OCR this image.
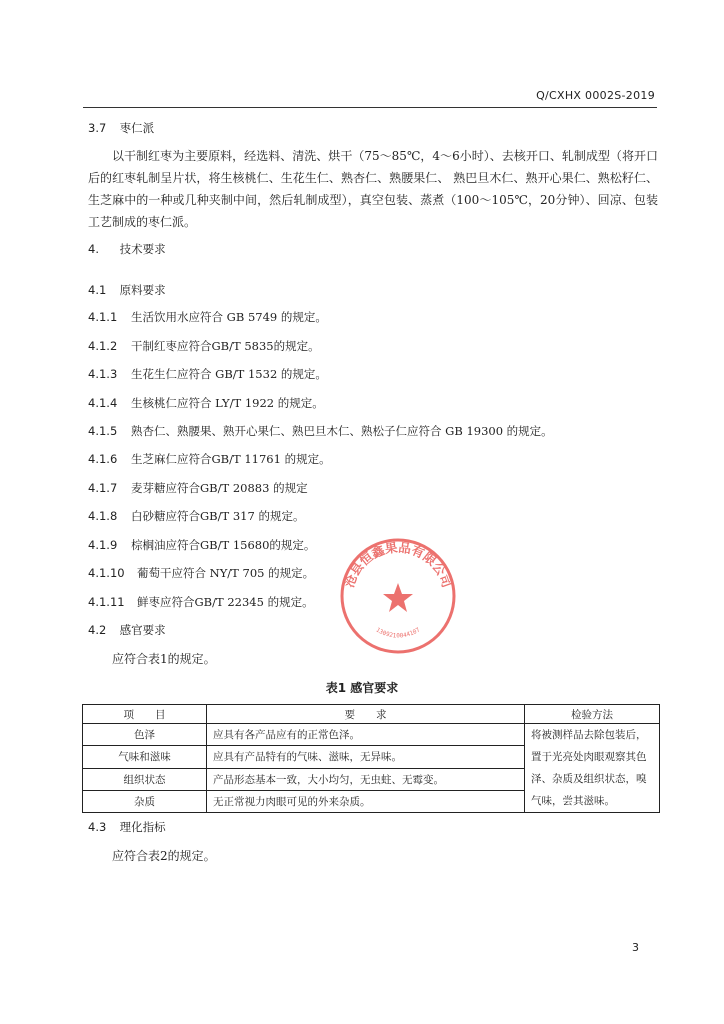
Q/CXHX 0002S-2019
3.7 枣仁派
以干制红枣为主要原料，经选料、清洗、烘干（75～85℃，4～6小时）、去核开口、轧制成型（将开口后的红枣轧制呈片状，将生核桃仁、生花生仁、熟杏仁、熟腰果仁、 熟巴旦木仁、熟开心果仁、熟松籽仁、生芝麻中的一种或几种夹制中间，然后轧制成型），真空包装、蒸煮（100～105℃，20分钟）、回凉、包装工艺制成的枣仁派。
4. 技术要求
4.1 原料要求
4.1.1 生活饮用水应符合 GB 5749 的规定。
4.1.2 干制红枣应符合GB/T 5835的规定。
4.1.3 生花生仁应符合 GB/T 1532 的规定。
4.1.4 生核桃仁应符合 LY/T 1922 的规定。
4.1.5 熟杏仁、熟腰果、熟开心果仁、熟巴旦木仁、熟松子仁应符合 GB 19300 的规定。
4.1.6 生芝麻仁应符合GB/T 11761 的规定。
4.1.7 麦芽糖应符合GB/T 20883 的规定
4.1.8 白砂糖应符合GB/T 317 的规定。
4.1.9 棕榈油应符合GB/T 15680的规定。
4.1.10 葡萄干应符合 NY/T 705 的规定。
4.1.11 鲜枣应符合GB/T 22345 的规定。
4.2 感官要求
应符合表1的规定。
表1 感官要求
项　　目	要　　求	检验方法
色泽	应具有各产品应有的正常色泽。	将被测样品去除包装后，置于光亮处肉眼观察其色泽、杂质及组织状态，嗅气味，尝其滋味。
气味和滋味	应具有产品特有的气味、滋味，无异味。	
组织状态	产品形态基本一致，大小均匀，无虫蛀、无霉变。	
杂质	无正常视力肉眼可见的外来杂质。	
4.3 理化指标
应符合表2的规定。
3
沧县恒鑫果品有限公司
1309210044107
